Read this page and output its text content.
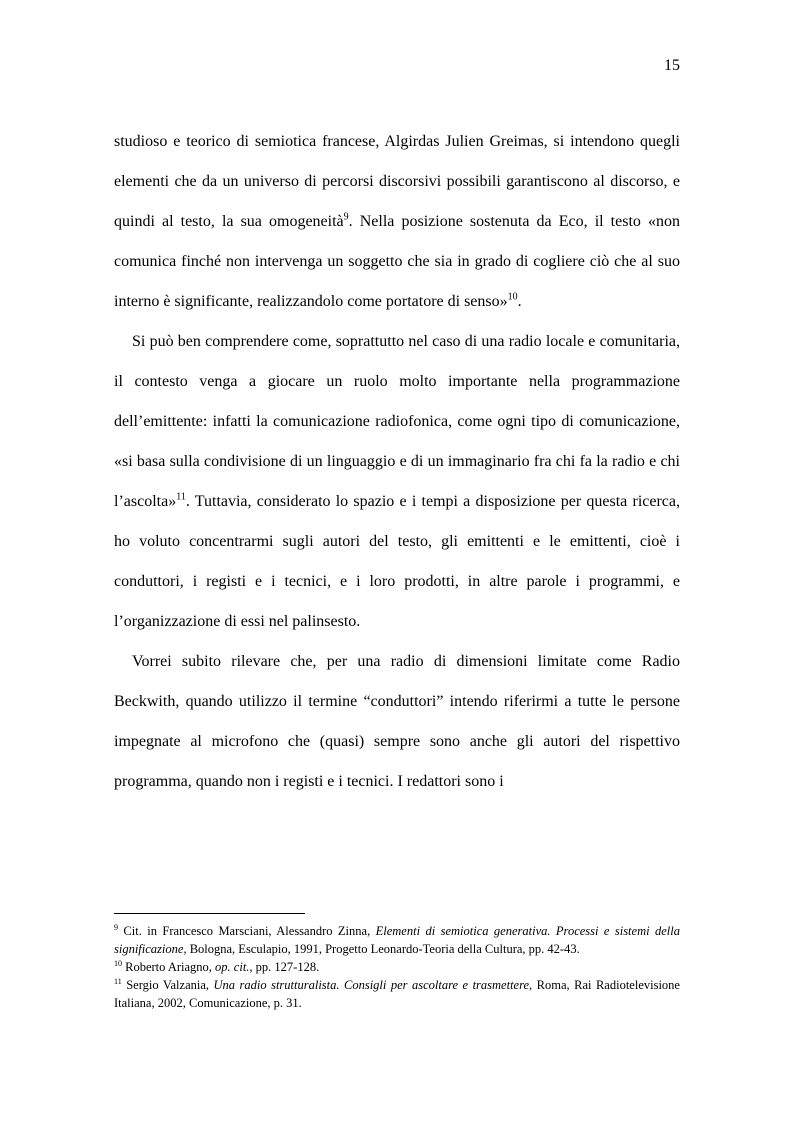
15

studioso e teorico di semiotica francese, Algirdas Julien Greimas, si intendono quegli elementi che da un universo di percorsi discorsivi possibili garantiscono al discorso, e quindi al testo, la sua omogeneità$^9$. Nella posizione sostenuta da Eco, il testo «non comunica finché non intervenga un soggetto che sia in grado di cogliere ciò che al suo interno è significante, realizzandolo come portatore di senso»$^{10}$.

Si può ben comprendere come, soprattutto nel caso di una radio locale e comunitaria, il contesto venga a giocare un ruolo molto importante nella programmazione dell’emittente: infatti la comunicazione radiofonica, come ogni tipo di comunicazione, «si basa sulla condivisione di un linguaggio e di un immaginario fra chi fa la radio e chi l’ascolta»$^{11}$. Tuttavia, considerato lo spazio e i tempi a disposizione per questa ricerca, ho voluto concentrarmi sugli autori del testo, gli emittenti e le emittenti, cioè i conduttori, i registi e i tecnici, e i loro prodotti, in altre parole i programmi, e l’organizzazione di essi nel palinsesto.

Vorrei subito rilevare che, per una radio di dimensioni limitate come Radio Beckwith, quando utilizzo il termine “conduttori” intendo riferirmi a tutte le persone impegnate al microfono che (quasi) sempre sono anche gli autori del rispettivo programma, quando non i registi e i tecnici. I redattori sono i

$^9$ Cit. in Francesco Marsciani, Alessandro Zinna, Elementi di semiotica generativa. Processi e sistemi della significazione, Bologna, Esculapio, 1991, Progetto Leonardo-Teoria della Cultura, pp. 42-43.

$^{10}$ Roberto Ariagno, op. cit., pp. 127-128.

$^{11}$ Sergio Valzania, Una radio strutturalista. Consigli per ascoltare e trasmettere, Roma, Rai Radiotelevisione Italiana, 2002, Comunicazione, p. 31.
